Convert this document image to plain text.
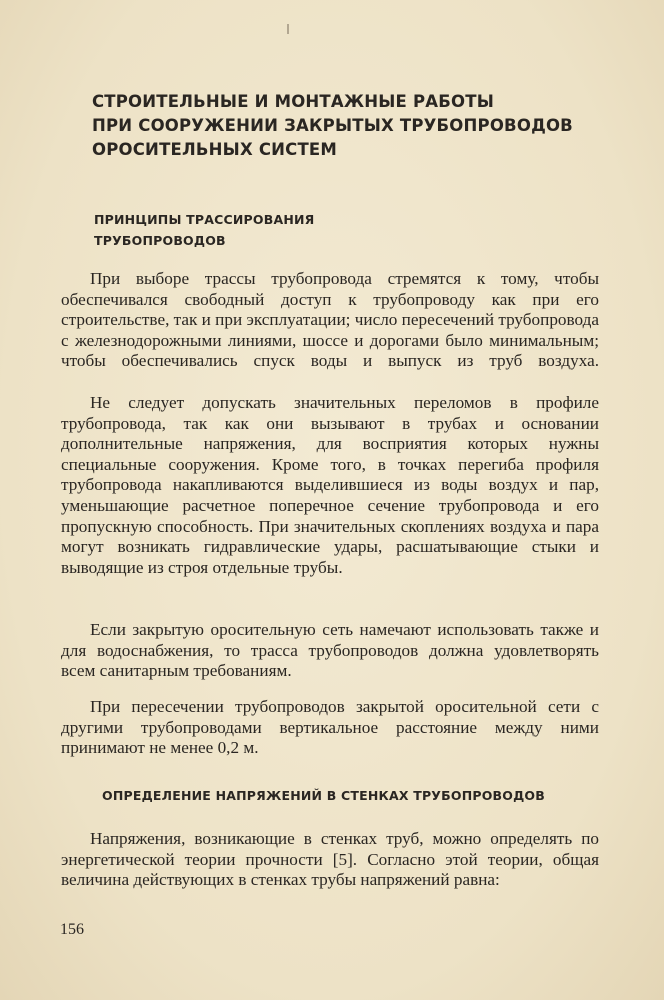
СТРОИТЕЛЬНЫЕ И МОНТАЖНЫЕ РАБОТЫ
ПРИ СООРУЖЕНИИ ЗАКРЫТЫХ ТРУБОПРОВОДОВ
ОРОСИТЕЛЬНЫХ СИСТЕМ
ПРИНЦИПЫ ТРАССИРОВАНИЯ
ТРУБОПРОВОДОВ

При выборе трассы трубопровода стремятся к тому, чтобы обеспечивался свободный доступ к трубопроводу как при его строительстве, так и при эксплуатации; число пересечений трубопровода с железнодорожными линиями, шоссе и дорогами было минимальным; чтобы обеспечивались спуск воды и выпуск из труб воздуха.

Не следует допускать значительных переломов в профиле трубопровода, так как они вызывают в трубах и основании дополнительные напряжения, для восприятия которых нужны специальные сооружения. Кроме того, в точках перегиба профиля трубопровода накапливаются выделившиеся из воды воздух и пар, уменьшающие расчетное поперечное сечение трубопровода и его пропускную способность. При значительных скоплениях воздуха и пара могут возникать гидравлические удары, расшатывающие стыки и выводящие из строя отдельные трубы.

Если закрытую оросительную сеть намечают использовать также и для водоснабжения, то трасса трубопроводов должна удовлетворять всем санитарным требованиям.

При пересечении трубопроводов закрытой оросительной сети с другими трубопроводами вертикальное расстояние между ними принимают не менее 0,2 м.

ОПРЕДЕЛЕНИЕ НАПРЯЖЕНИЙ В СТЕНКАХ ТРУБОПРОВОДОВ

Напряжения, возникающие в стенках труб, можно определять по энергетической теории прочности [5]. Согласно этой теории, общая величина действующих в стенках трубы напряжений равна:

156
